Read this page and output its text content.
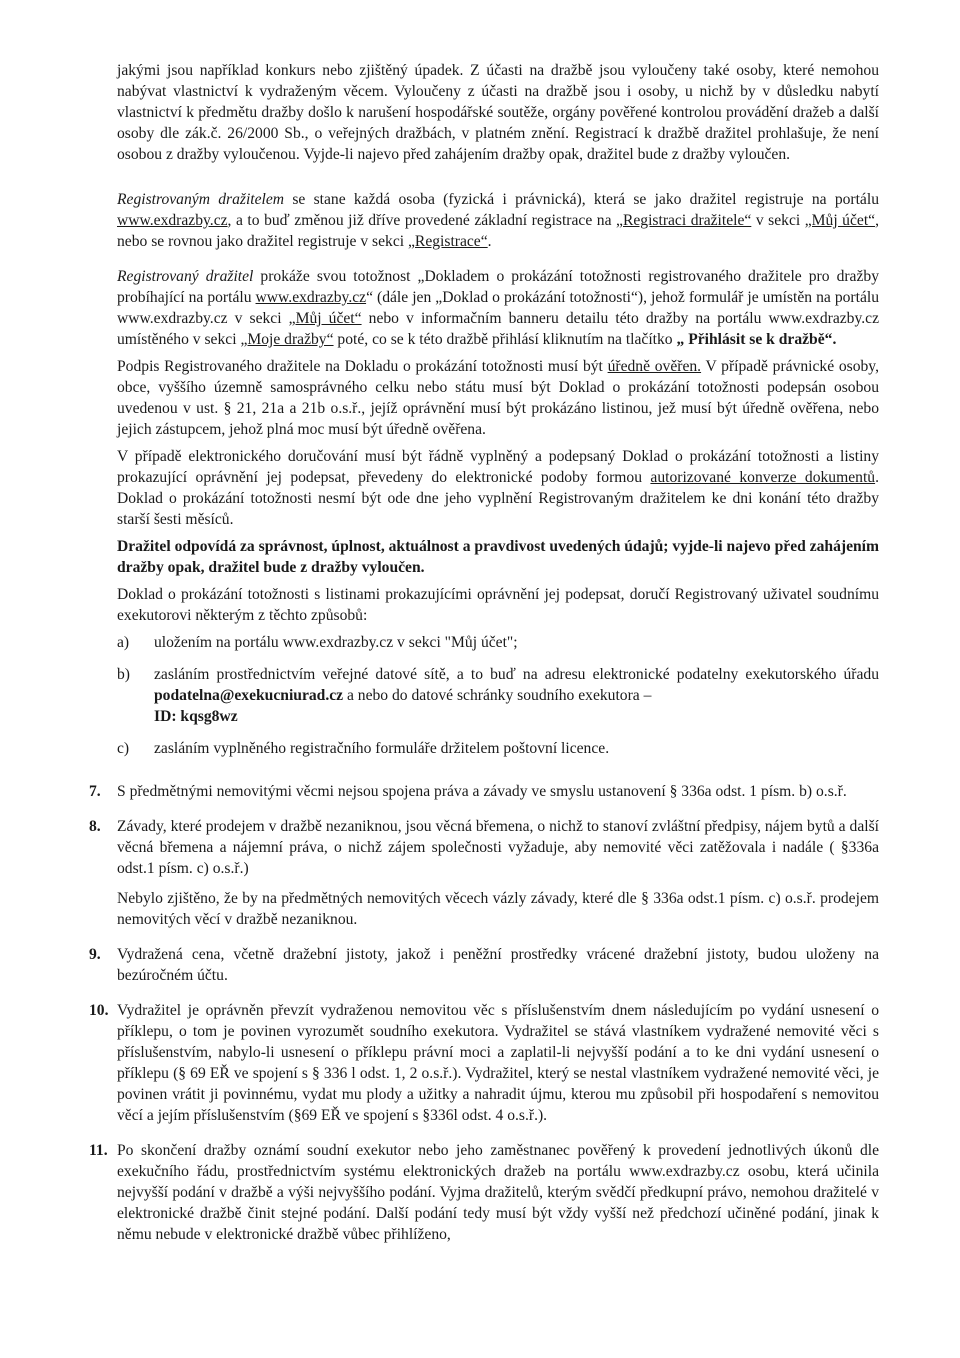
jakými jsou například konkurs nebo zjištěný úpadek. Z účasti na dražbě jsou vyloučeny také osoby, které nemohou nabývat vlastnictví k vydraženým věcem. Vyloučeny z účasti na dražbě jsou i osoby, u nichž by v důsledku nabytí vlastnictví k předmětu dražby došlo k narušení hospodářské soutěže, orgány pověřené kontrolou provádění dražeb a další osoby dle zák.č. 26/2000 Sb., o veřejných dražbách, v platném znění. Registrací k dražbě dražitel prohlašuje, že není osobou z dražby vyloučenou. Vyjde-li najevo před zahájením dražby opak, dražitel bude z dražby vyloučen.

Registrovaným dražitelem se stane každá osoba (fyzická i právnická), která se jako dražitel registruje na portálu www.exdrazby.cz, a to buď změnou již dříve provedené základní registrace na „Registraci dražitele“ v sekci „Můj účet“, nebo se rovnou jako dražitel registruje v sekci „Registrace“.

Registrovaný dražitel prokáže svou totožnost „Dokladem o prokázání totožnosti registrovaného dražitele pro dražby probíhající na portálu www.exdrazby.cz“ (dále jen „Doklad o prokázání totožnosti“), jehož formulář je umístěn na portálu www.exdrazby.cz v sekci „Můj účet“ nebo v informačním banneru detailu této dražby na portálu www.exdrazby.cz umístěného v sekci „Moje dražby“ poté, co se k této dražbě přihlásí kliknutím na tlačítko „ Přihlásit se k dražbě“.

Podpis Registrovaného dražitele na Dokladu o prokázání totožnosti musí být úředně ověřen. V případě právnické osoby, obce, vyššího územně samosprávného celku nebo státu musí být Doklad o prokázání totožnosti podepsán osobou uvedenou v ust. § 21, 21a a 21b o.s.ř., jejíž oprávnění musí být prokázáno listinou, jež musí být úředně ověřena, nebo jejich zástupcem, jehož plná moc musí být úředně ověřena.

V případě elektronického doručování musí být řádně vyplněný a podepsaný Doklad o prokázání totožnosti a listiny prokazující oprávnění jej podepsat, převedeny do elektronické podoby formou autorizované konverze dokumentů. Doklad o prokázání totožnosti nesmí být ode dne jeho vyplnění Registrovaným dražitelem ke dni konání této dražby starší šesti měsíců.

Dražitel odpovídá za správnost, úplnost, aktuálnost a pravdivost uvedených údajů; vyjde-li najevo před zahájením dražby opak, dražitel bude z dražby vyloučen.

Doklad o prokázání totožnosti s listinami prokazujícími oprávnění jej podepsat, doručí Registrovaný uživatel soudnímu exekutorovi některým z těchto způsobů:

a) uložením na portálu www.exdrazby.cz v sekci "Můj účet";
b) zasláním prostřednictvím veřejné datové sítě, a to buď na adresu elektronické podatelny exekutorského úřadu podatelna@exekucniurad.cz a nebo do datové schránky soudního exekutora –
ID: kqsg8wz
c) zasláním vyplněného registračního formuláře držitelem poštovní licence.
7. S předmětnými nemovitými věcmi nejsou spojena práva a závady ve smyslu ustanovení § 336a odst. 1 písm. b) o.s.ř.

8. Závady, které prodejem v dražbě nezaniknou, jsou věcná břemena, o nichž to stanoví zvláštní předpisy, nájem bytů a další věcná břemena a nájemní práva, o nichž zájem společnosti vyžaduje, aby nemovité věci zatěžovala i nadále ( §336a odst.1 písm. c) o.s.ř.)

Nebylo zjištěno, že by na předmětných nemovitých věcech vázly závady, které dle § 336a odst.1 písm. c) o.s.ř. prodejem nemovitých věcí v dražbě nezaniknou.

9. Vydražená cena, včetně dražební jistoty, jakož i peněžní prostředky vrácené dražební jistoty, budou uloženy na bezúročném účtu.

10. Vydražitel je oprávněn převzít vydraženou nemovitou věc s příslušenstvím dnem následujícím po vydání usnesení o příklepu, o tom je povinen vyrozumět soudního exekutora. Vydražitel se stává vlastníkem vydražené nemovité věci s příslušenstvím, nabylo-li usnesení o příklepu právní moci a zaplatil-li nejvyšší podání a to ke dni vydání usnesení o příklepu (§ 69 EŘ ve spojení s § 336 l odst. 1, 2 o.s.ř.). Vydražitel, který se nestal vlastníkem vydražené nemovité věci, je povinen vrátit ji povinnému, vydat mu plody a užitky a nahradit újmu, kterou mu způsobil při hospodaření s nemovitou věcí a jejím příslušenstvím (§69 EŘ ve spojení s §336l odst. 4 o.s.ř.).

11. Po skončení dražby oznámí soudní exekutor nebo jeho zaměstnanec pověřený k provedení jednotlivých úkonů dle exekučního řádu, prostřednictvím systému elektronických dražeb na portálu www.exdrazby.cz osobu, která učinila nejvyšší podání v dražbě a výši nejvyššího podání. Vyjma dražitelů, kterým svědčí předkupní právo, nemohou dražitelé v elektronické dražbě činit stejné podání. Další podání tedy musí být vždy vyšší než předchozí učiněné podání, jinak k němu nebude v elektronické dražbě vůbec přihlíženo,
